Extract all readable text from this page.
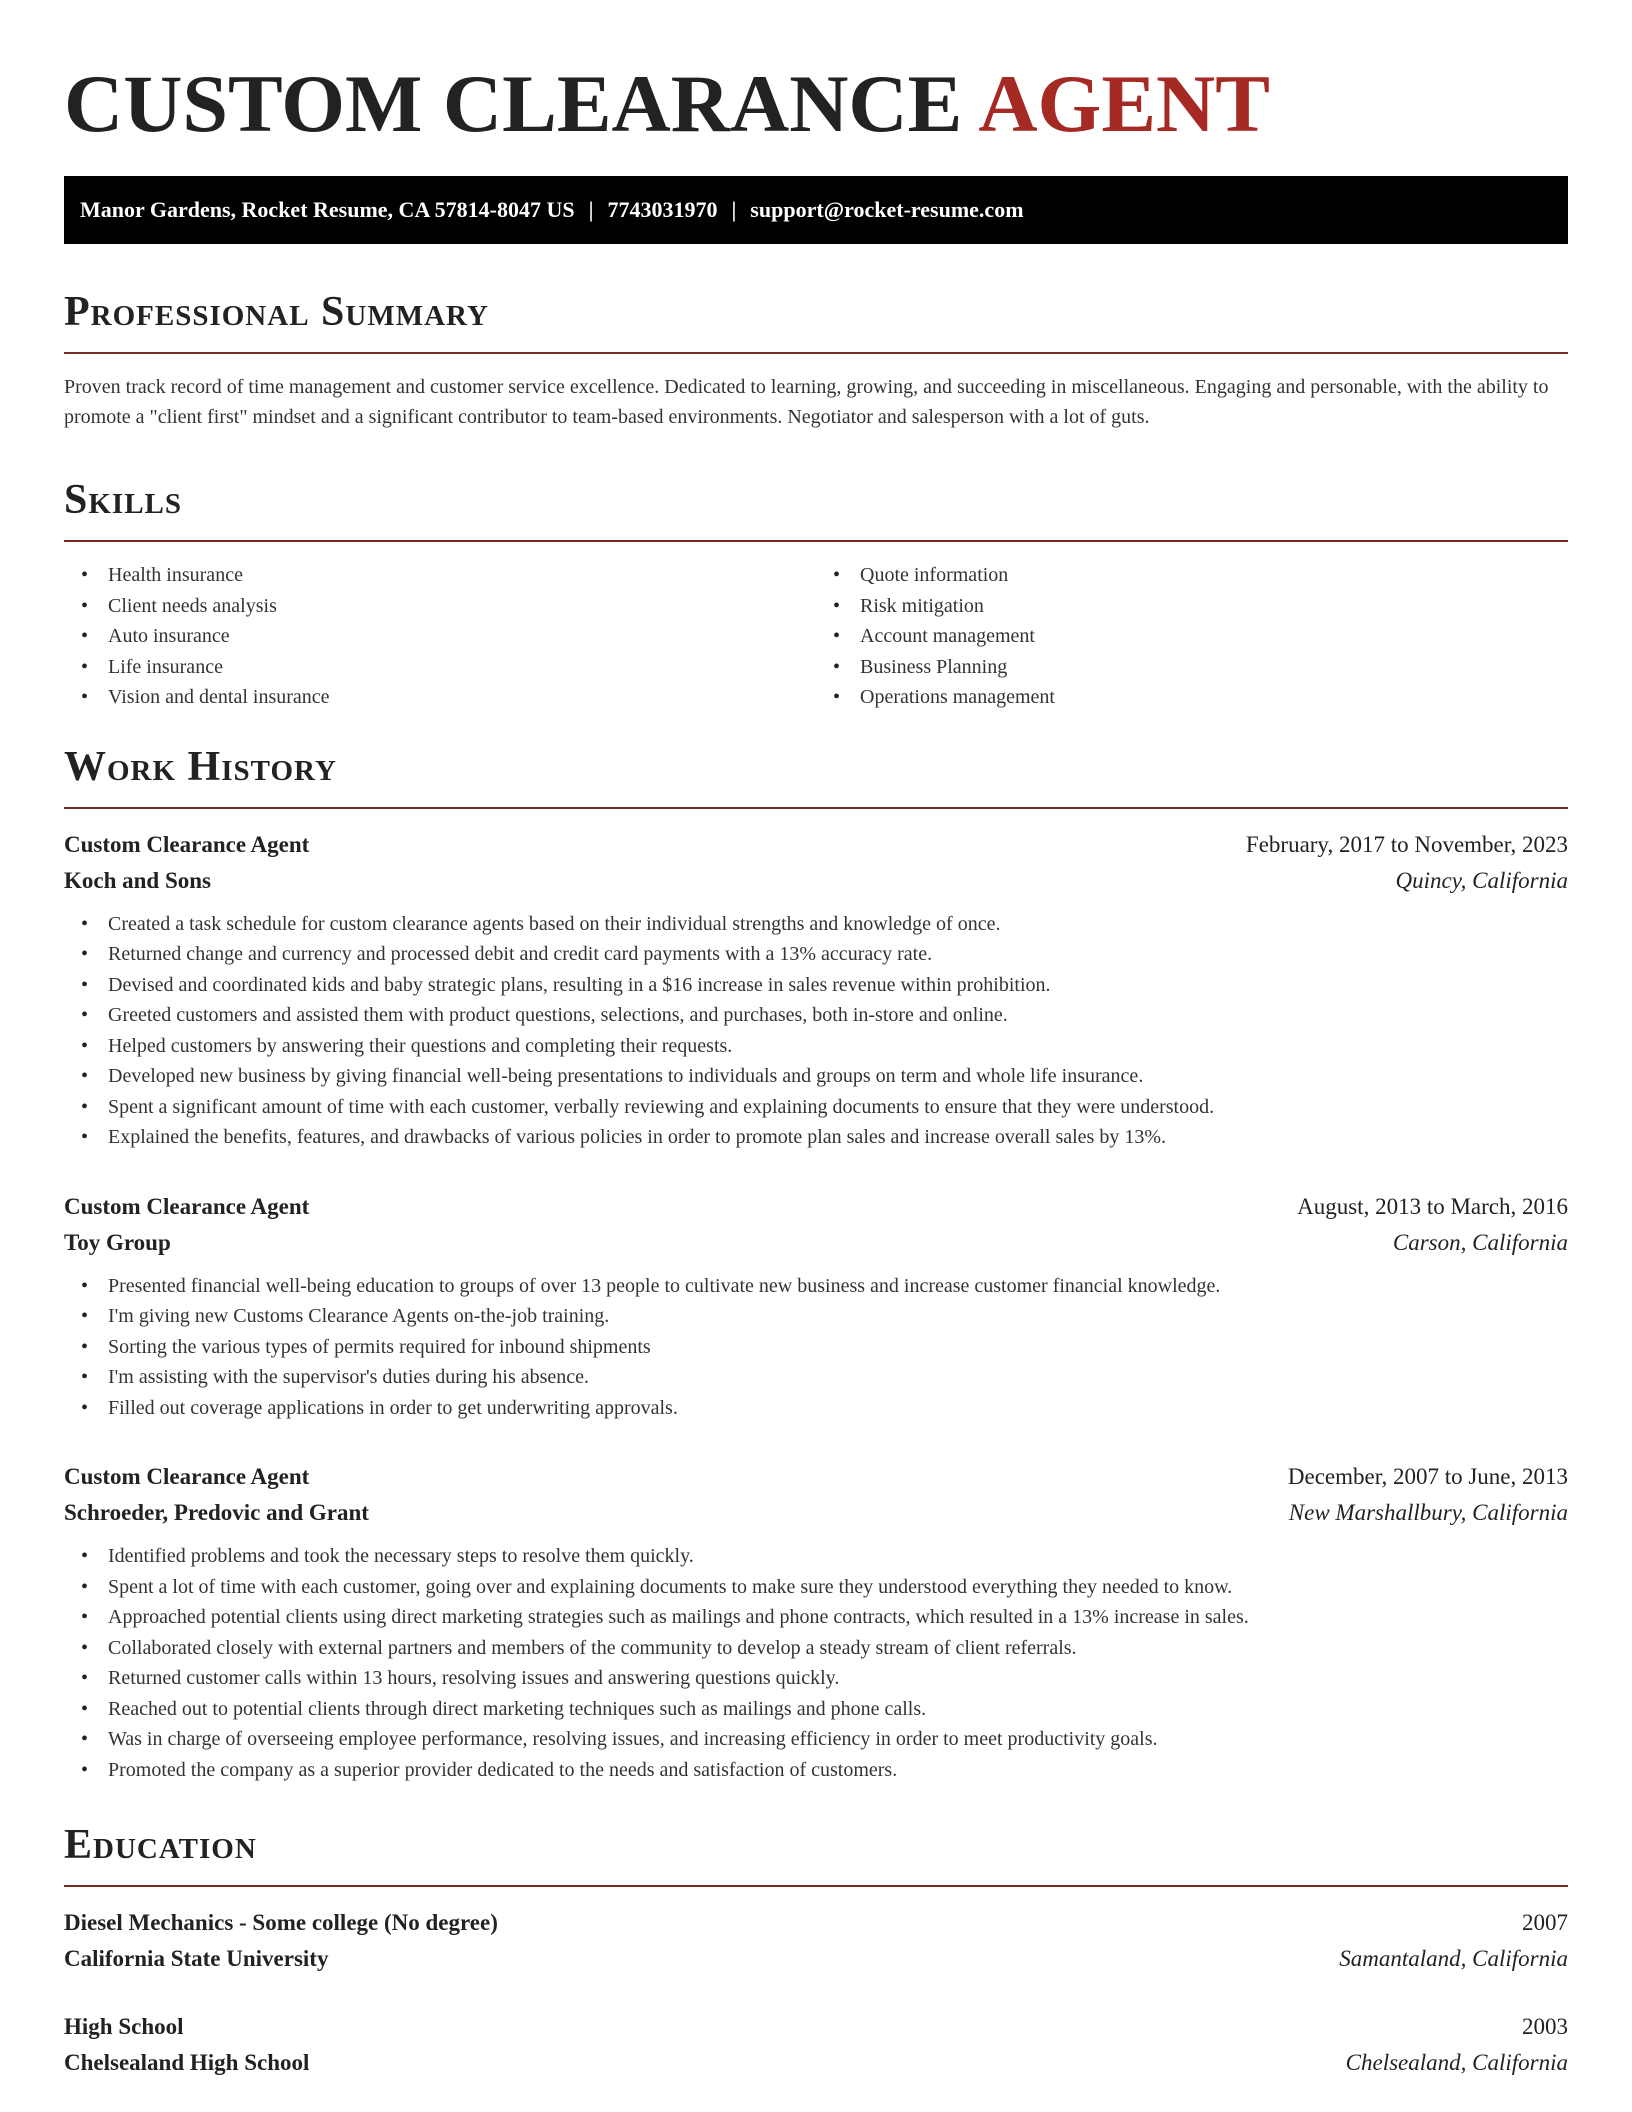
CUSTOM CLEARANCE AGENT
Manor Gardens, Rocket Resume, CA 57814-8047 US | 7743031970 | support@rocket-resume.com
Professional Summary

Proven track record of time management and customer service excellence. Dedicated to learning, growing, and succeeding in miscellaneous. Engaging and personable, with the ability to promote a "client first" mindset and a significant contributor to team-based environments. Negotiator and salesperson with a lot of guts.

Skills
• Health insurance
• Client needs analysis
• Auto insurance
• Life insurance
• Vision and dental insurance
• Quote information
• Risk mitigation
• Account management
• Business Planning
• Operations management
Work History
Custom Clearance Agent	February, 2017 to November, 2023
Koch and Sons	Quincy, California
• Created a task schedule for custom clearance agents based on their individual strengths and knowledge of once.
• Returned change and currency and processed debit and credit card payments with a 13% accuracy rate.
• Devised and coordinated kids and baby strategic plans, resulting in a $16 increase in sales revenue within prohibition.
• Greeted customers and assisted them with product questions, selections, and purchases, both in-store and online.
• Helped customers by answering their questions and completing their requests.
• Developed new business by giving financial well-being presentations to individuals and groups on term and whole life insurance.
• Spent a significant amount of time with each customer, verbally reviewing and explaining documents to ensure that they were understood.
• Explained the benefits, features, and drawbacks of various policies in order to promote plan sales and increase overall sales by 13%.
Custom Clearance Agent	August, 2013 to March, 2016
Toy Group	Carson, California
• Presented financial well-being education to groups of over 13 people to cultivate new business and increase customer financial knowledge.
• I'm giving new Customs Clearance Agents on-the-job training.
• Sorting the various types of permits required for inbound shipments
• I'm assisting with the supervisor's duties during his absence.
• Filled out coverage applications in order to get underwriting approvals.
Custom Clearance Agent	December, 2007 to June, 2013
Schroeder, Predovic and Grant	New Marshallbury, California
• Identified problems and took the necessary steps to resolve them quickly.
• Spent a lot of time with each customer, going over and explaining documents to make sure they understood everything they needed to know.
• Approached potential clients using direct marketing strategies such as mailings and phone contracts, which resulted in a 13% increase in sales.
• Collaborated closely with external partners and members of the community to develop a steady stream of client referrals.
• Returned customer calls within 13 hours, resolving issues and answering questions quickly.
• Reached out to potential clients through direct marketing techniques such as mailings and phone calls.
• Was in charge of overseeing employee performance, resolving issues, and increasing efficiency in order to meet productivity goals.
• Promoted the company as a superior provider dedicated to the needs and satisfaction of customers.
Education
Diesel Mechanics - Some college (No degree)	2007
California State University	Samantaland, California
High School	2003
Chelsealand High School	Chelsealand, California
